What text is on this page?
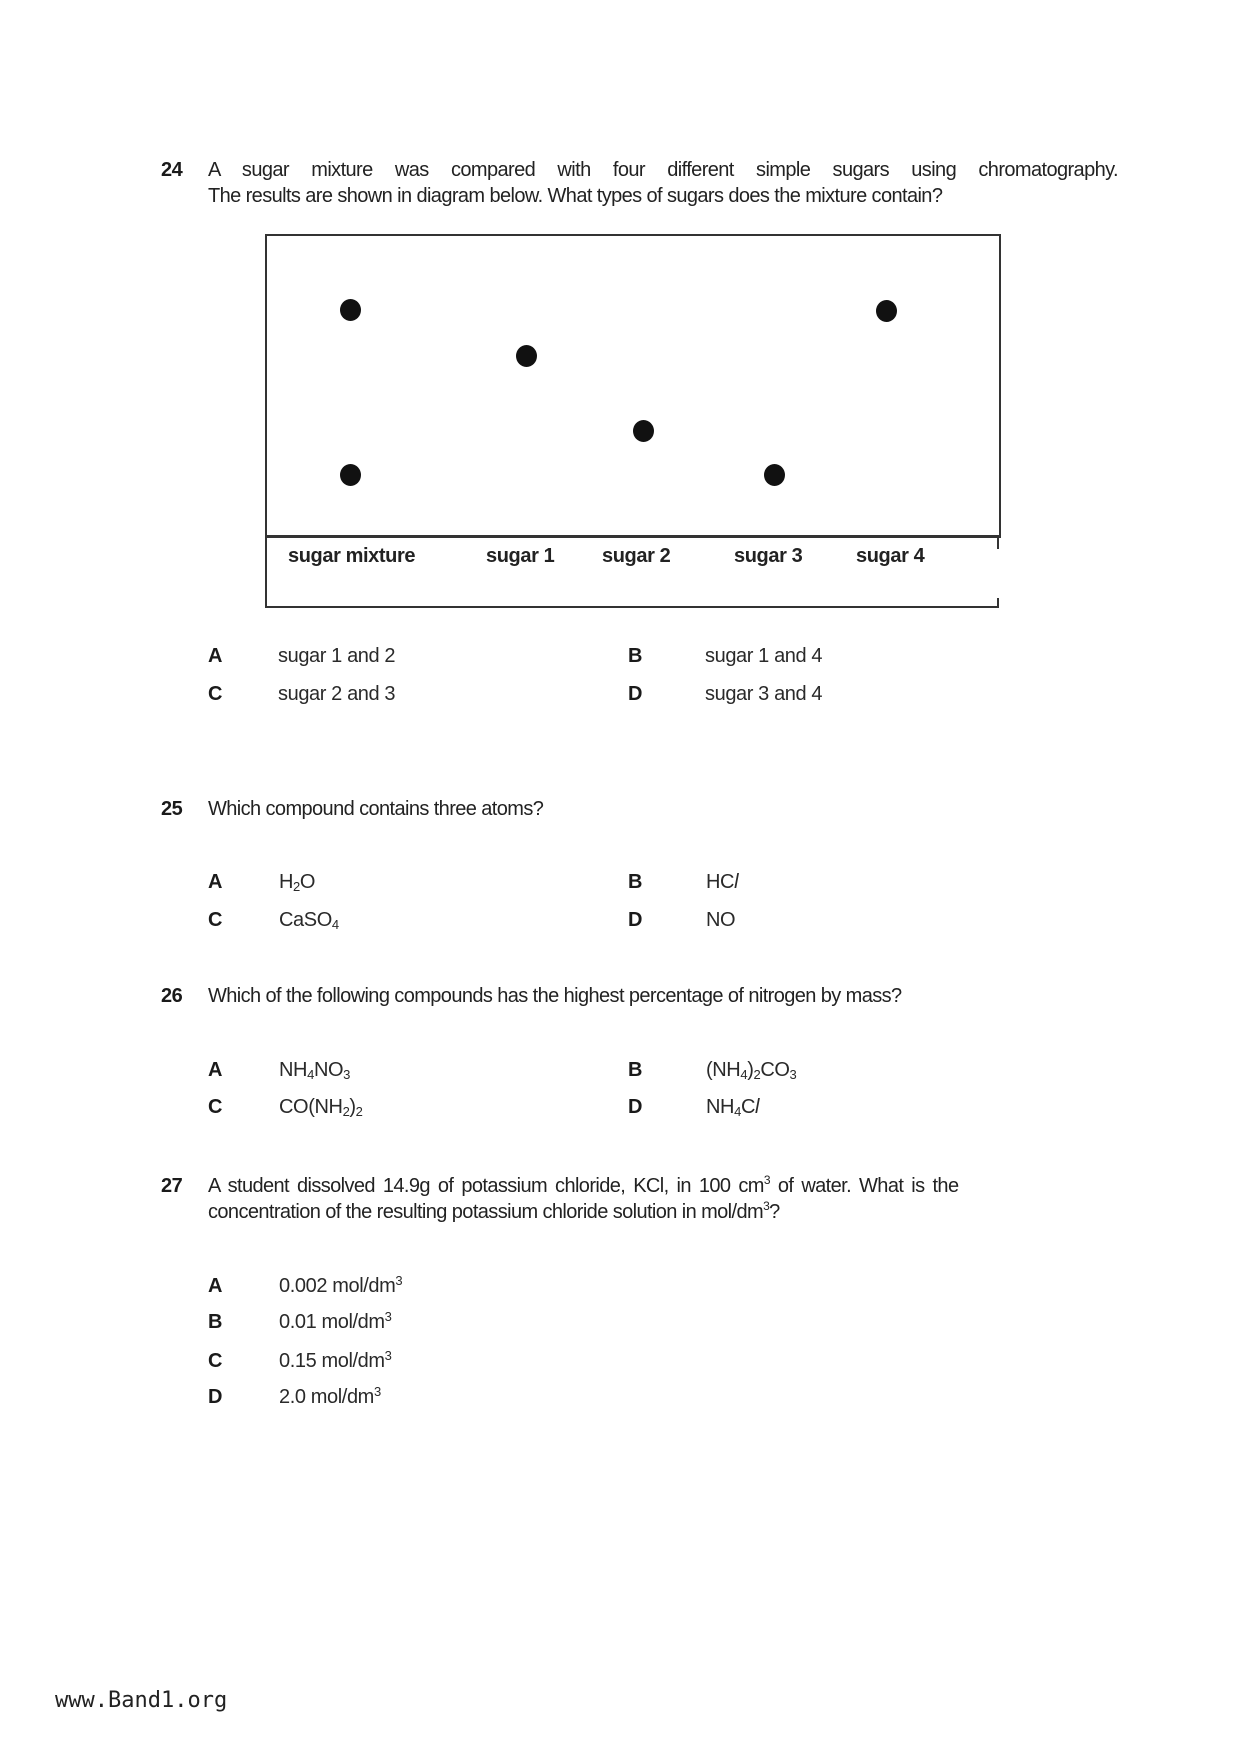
24 A sugar mixture was compared with four different simple sugars using chromatography.
The results are shown in diagram below. What types of sugars does the mixture contain?
sugar mixture	sugar 1 sugar 2	sugar 3	sugar 4
A	sugar 1 and 2	B	sugar 1 and 4
C	sugar 2 and 3	D	sugar 3 and 4
25 Which compound contains three atoms?
A	$H_2O$	B	HCl
C	CaSO$_4$	D	NO
26 Which of the following compounds has the highest percentage of nitrogen by mass?
A	$NH_4NO_3$	B	$(NH_4)_2CO_3$
C	$CO(NH_2)_2$	D	$NH_4Cl$
27 A student dissolved 14.9g of potassium chloride, KCl, in 100 $cm^3$ of water. What is the
concentration of the resulting potassium chloride solution in mol/$dm^3$?
A	0.002 mol/$dm^3$
B	0.01 mol/$dm^3$
C	0.15 mol/$dm^3$
D	2.0 mol/$dm^3$
www.Band1.org
